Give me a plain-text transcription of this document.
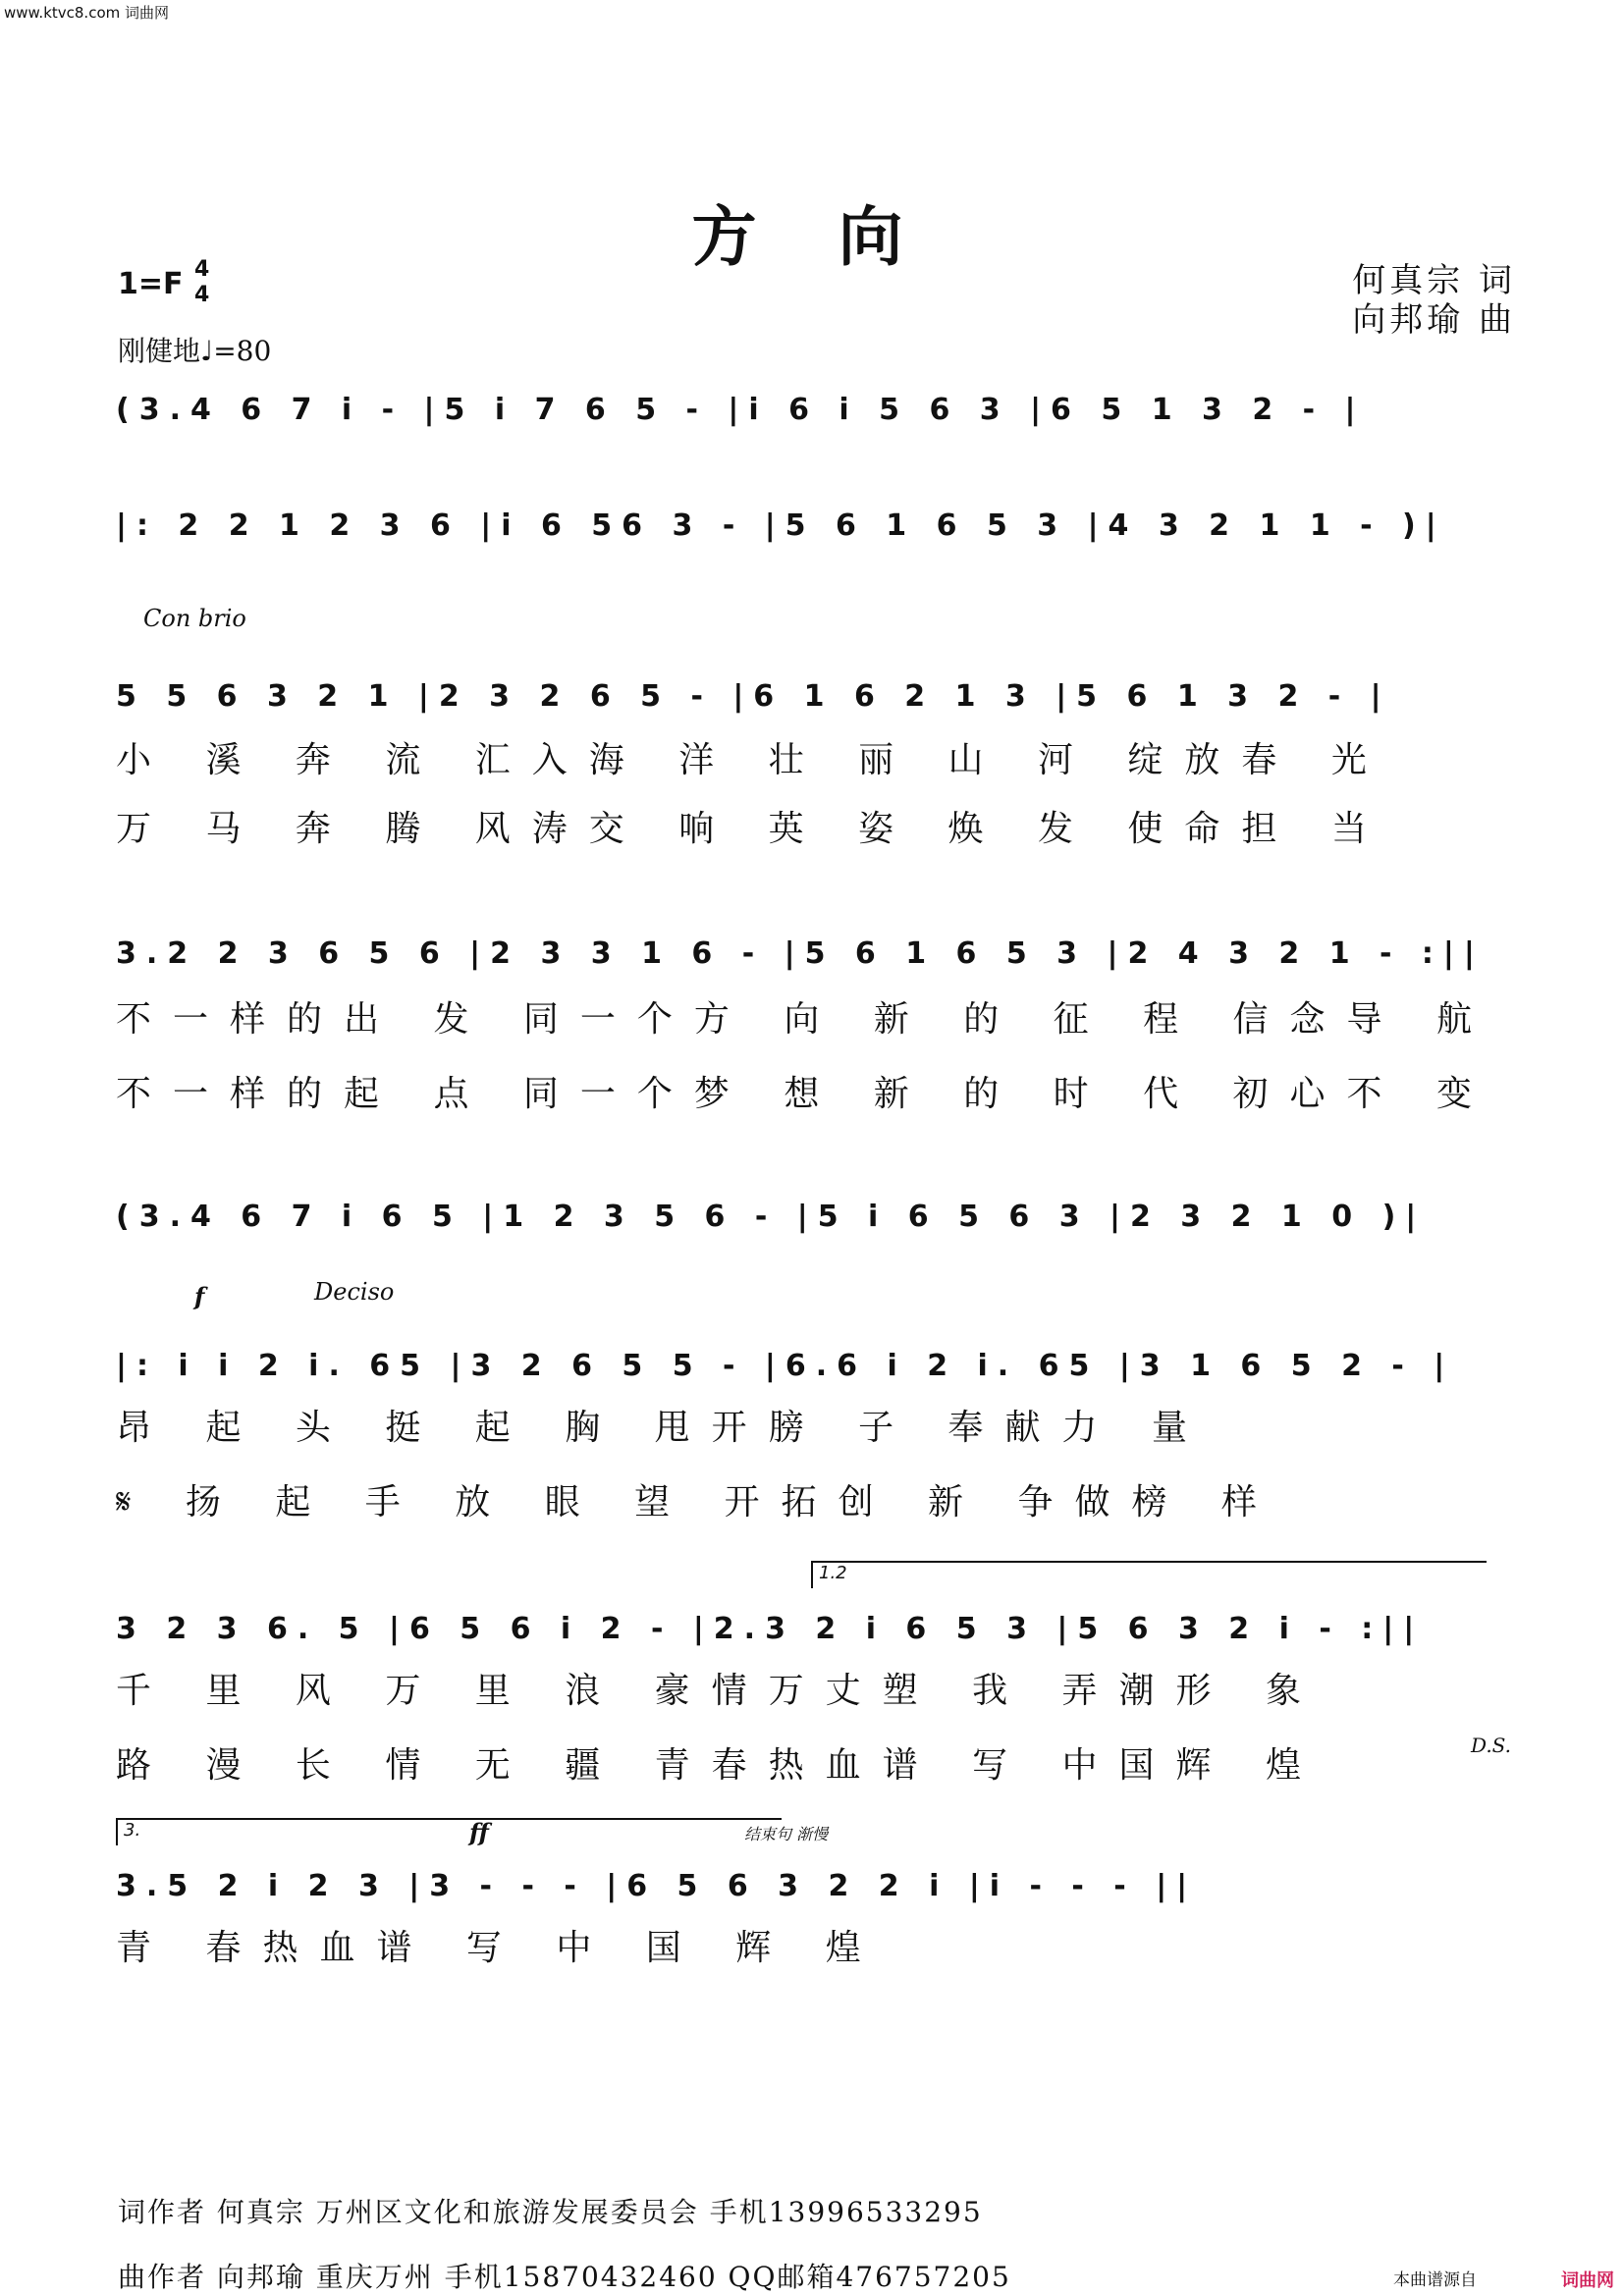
www.ktvc8.com 词曲网
方 向
何真宗 词
向邦瑜 曲
1=F 4
4
刚健地♩=80
(3.4 6 7 i - |5 i 7 6 5 - |i 6 i 5 6 3 |6 5 1 3 2 - |
|: 2 2 1 2 3 6 |i 6 56 3 - |5 6 1 6 5 3 |4 3 2 1 1 - )|
Con brio
5 5 6 3 2 1 |2 3 2 6 5 - |6 1 6 2 1 3 |5 6 1 3 2 - |
小 溪 奔 流 汇入海 洋 壮 丽 山 河 绽放春 光
万 马 奔 腾 风涛交 响 英 姿 焕 发 使命担 当
3.2 2 3 6 5 6 |2 3 3 1 6 - |5 6 1 6 5 3 |2 4 3 2 1 - :||
不一样的出 发 同一个方 向 新 的 征 程 信念导 航
不一样的起 点 同一个梦 想 新 的 时 代 初心不 变
(3.4 6 7 i 6 5 |1 2 3 5 6 - |5 i 6 5 6 3 |2 3 2 1 0 )|
f	Deciso
|: i i 2 i. 65 |3 2 6 5 5 - |6.6 i 2 i. 65 |3 1 6 5 2 - |
昂 起 头 挺 起 胸 甩开膀 子 奉献力 量
𝄋 扬 起 手 放 眼 望 开拓创 新 争做榜 样
1.2
3 2 3 6. 5 |6 5 6 i 2 - |2.3 2 i 6 5 3 |5 6 3 2 i - :||
千 里 风 万 里 浪 豪情万丈塑 我 弄潮形 象
路 漫 长 情 无 疆 青春热血谱 写 中国辉 煌	D.S.
3.	ff	结束句 渐慢
3.5 2 i 2 3 |3 - - - |6 5 6 3 2 2 i |i - - - ||
青 春热血谱 写 中 国 辉 煌
词作者 何真宗 万州区文化和旅游发展委员会 手机13996533295
曲作者 向邦瑜 重庆万州 手机15870432460 QQ邮箱476757205	本曲谱源自	词曲网
